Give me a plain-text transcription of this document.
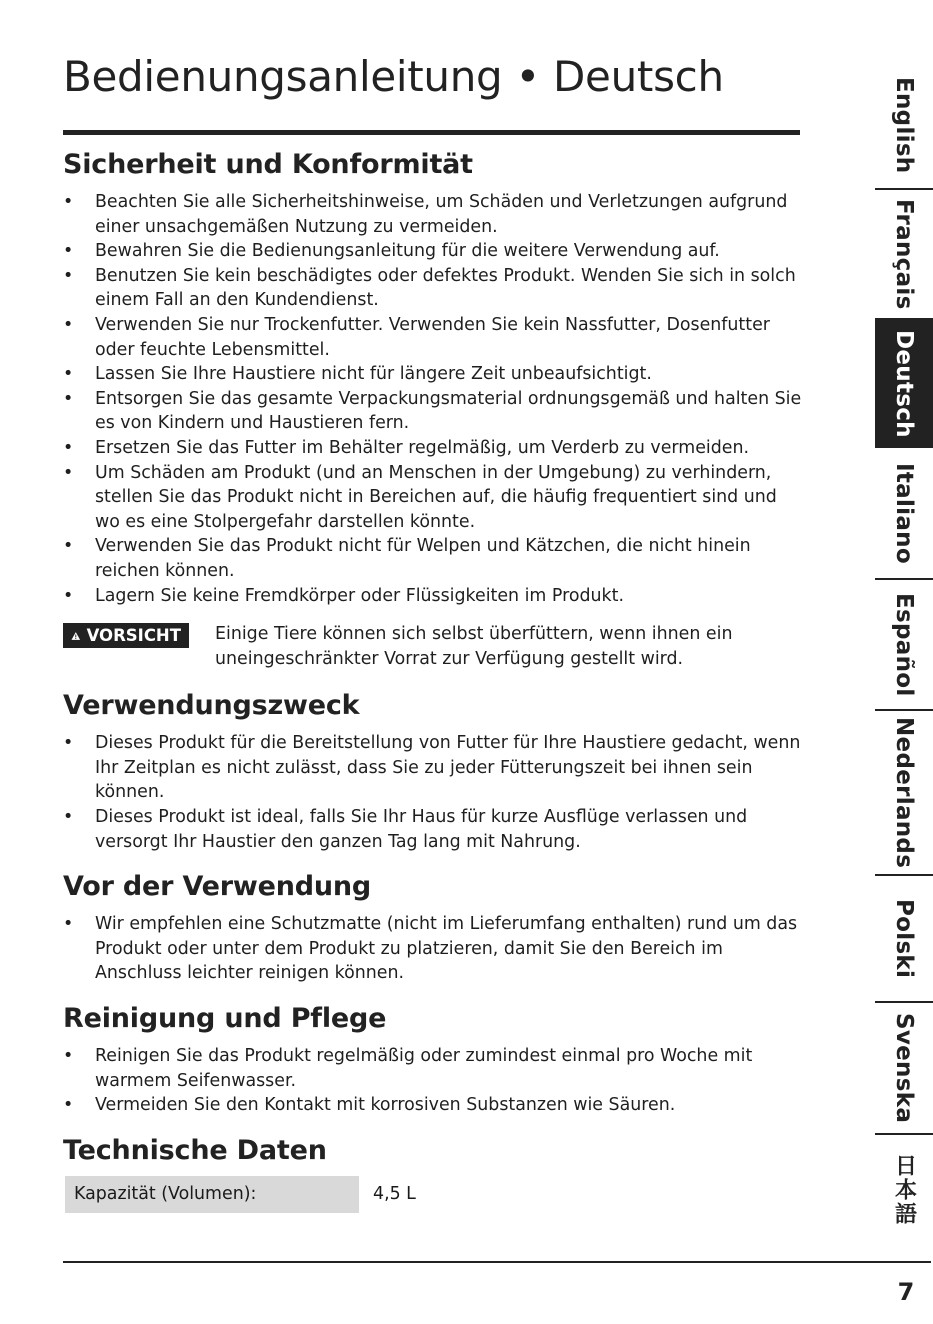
Bedienungsanleitung • Deutsch
Sicherheit und Konformität
• Beachten Sie alle Sicherheitshinweise, um Schäden und Verletzungen aufgrund einer unsachgemäßen Nutzung zu vermeiden.
• Bewahren Sie die Bedienungsanleitung für die weitere Verwendung auf.
• Benutzen Sie kein beschädigtes oder defektes Produkt. Wenden Sie sich in solch einem Fall an den Kundendienst.
• Verwenden Sie nur Trockenfutter. Verwenden Sie kein Nassfutter, Dosenfutter oder feuchte Lebensmittel.
• Lassen Sie Ihre Haustiere nicht für längere Zeit unbeaufsichtigt.
• Entsorgen Sie das gesamte Verpackungsmaterial ordnungsgemäß und halten Sie es von Kindern und Haustieren fern.
• Ersetzen Sie das Futter im Behälter regelmäßig, um Verderb zu vermeiden.
• Um Schäden am Produkt (und an Menschen in der Umgebung) zu verhindern, stellen Sie das Produkt nicht in Bereichen auf, die häufig frequentiert sind und wo es eine Stolpergefahr darstellen könnte.
• Verwenden Sie das Produkt nicht für Welpen und Kätzchen, die nicht hinein reichen können.
• Lagern Sie keine Fremdkörper oder Flüssigkeiten im Produkt.
VORSICHT Einige Tiere können sich selbst überfüttern, wenn ihnen ein uneingeschränkter Vorrat zur Verfügung gestellt wird.
Verwendungszweck
• Dieses Produkt für die Bereitstellung von Futter für Ihre Haustiere gedacht, wenn Ihr Zeitplan es nicht zulässt, dass Sie zu jeder Fütterungszeit bei ihnen sein können.
• Dieses Produkt ist ideal, falls Sie Ihr Haus für kurze Ausflüge verlassen und versorgt Ihr Haustier den ganzen Tag lang mit Nahrung.
Vor der Verwendung
• Wir empfehlen eine Schutzmatte (nicht im Lieferumfang enthalten) rund um das Produkt oder unter dem Produkt zu platzieren, damit Sie den Bereich im Anschluss leichter reinigen können.
Reinigung und Pflege
• Reinigen Sie das Produkt regelmäßig oder zumindest einmal pro Woche mit warmem Seifenwasser.
• Vermeiden Sie den Kontakt mit korrosiven Substanzen wie Säuren.
Technische Daten
Kapazität (Volumen):	4,5 L
English
Français
Deutsch
Italiano
Español
Nederlands
Polski
Svenska
日本語
7
